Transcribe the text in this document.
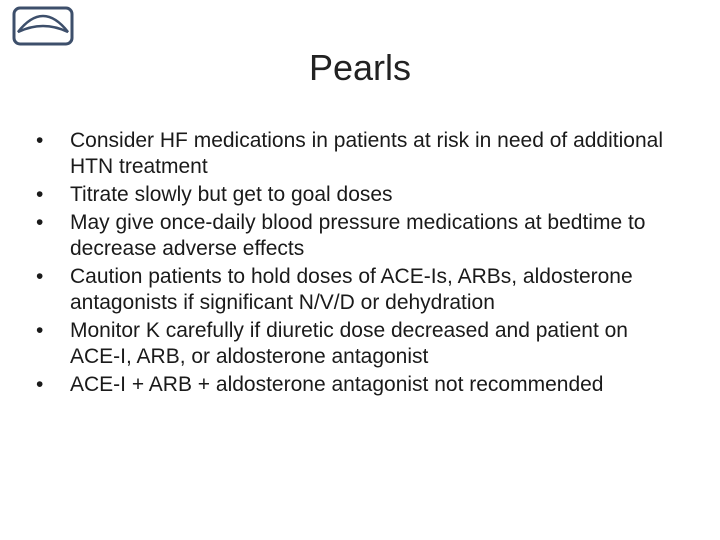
Pearls
•	Consider HF medications in patients at risk in need of additional HTN treatment
•	Titrate slowly but get to goal doses
•	May give once-daily blood pressure medications at bedtime to decrease adverse effects
•	Caution patients to hold doses of ACE-Is, ARBs, aldosterone antagonists if significant N/V/D or dehydration
•	Monitor K carefully if diuretic dose decreased and patient on ACE-I, ARB, or aldosterone antagonist
•	ACE-I + ARB + aldosterone antagonist not recommended
